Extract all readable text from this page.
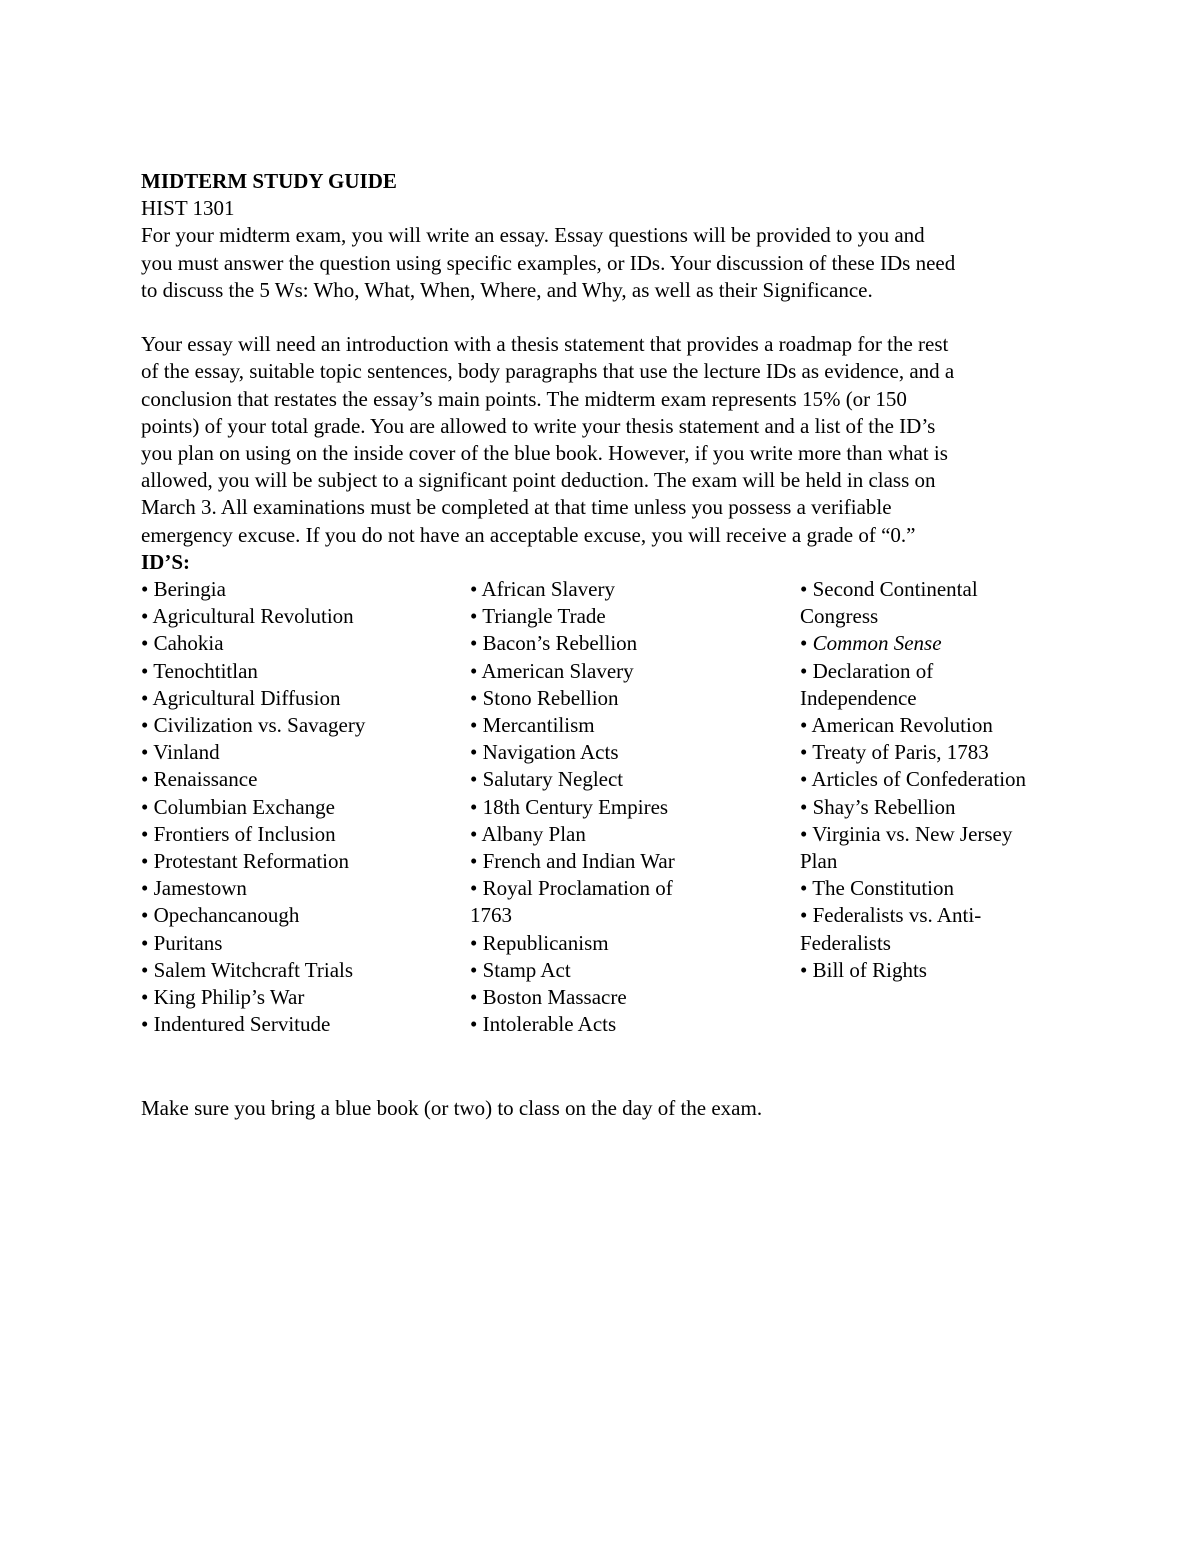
MIDTERM STUDY GUIDE
HIST 1301
For your midterm exam, you will write an essay. Essay questions will be provided to you and
you must answer the question using specific examples, or IDs. Your discussion of these IDs need
to discuss the 5 Ws: Who, What, When, Where, and Why, as well as their Significance.
Your essay will need an introduction with a thesis statement that provides a roadmap for the rest
of the essay, suitable topic sentences, body paragraphs that use the lecture IDs as evidence, and a
conclusion that restates the essay’s main points. The midterm exam represents 15% (or 150
points) of your total grade. You are allowed to write your thesis statement and a list of the ID’s
you plan on using on the inside cover of the blue book. However, if you write more than what is
allowed, you will be subject to a significant point deduction. The exam will be held in class on
March 3. All examinations must be completed at that time unless you possess a verifiable
emergency excuse. If you do not have an acceptable excuse, you will receive a grade of “0.”
ID’S:
• Beringia
• Agricultural Revolution
• Cahokia
• Tenochtitlan
• Agricultural Diffusion
• Civilization vs. Savagery
• Vinland
• Renaissance
• Columbian Exchange
• Frontiers of Inclusion
• Protestant Reformation
• Jamestown
• Opechancanough
• Puritans
• Salem Witchcraft Trials
• King Philip’s War
• Indentured Servitude
• African Slavery
• Triangle Trade
• Bacon’s Rebellion
• American Slavery
• Stono Rebellion
• Mercantilism
• Navigation Acts
• Salutary Neglect
• 18th Century Empires
• Albany Plan
• French and Indian War
• Royal Proclamation of
1763
• Republicanism
• Stamp Act
• Boston Massacre
• Intolerable Acts
• Second Continental
Congress
• Common Sense
• Declaration of
Independence
• American Revolution
• Treaty of Paris, 1783
• Articles of Confederation
• Shay’s Rebellion
• Virginia vs. New Jersey
Plan
• The Constitution
• Federalists vs. Anti-
Federalists
• Bill of Rights
Make sure you bring a blue book (or two) to class on the day of the exam.
